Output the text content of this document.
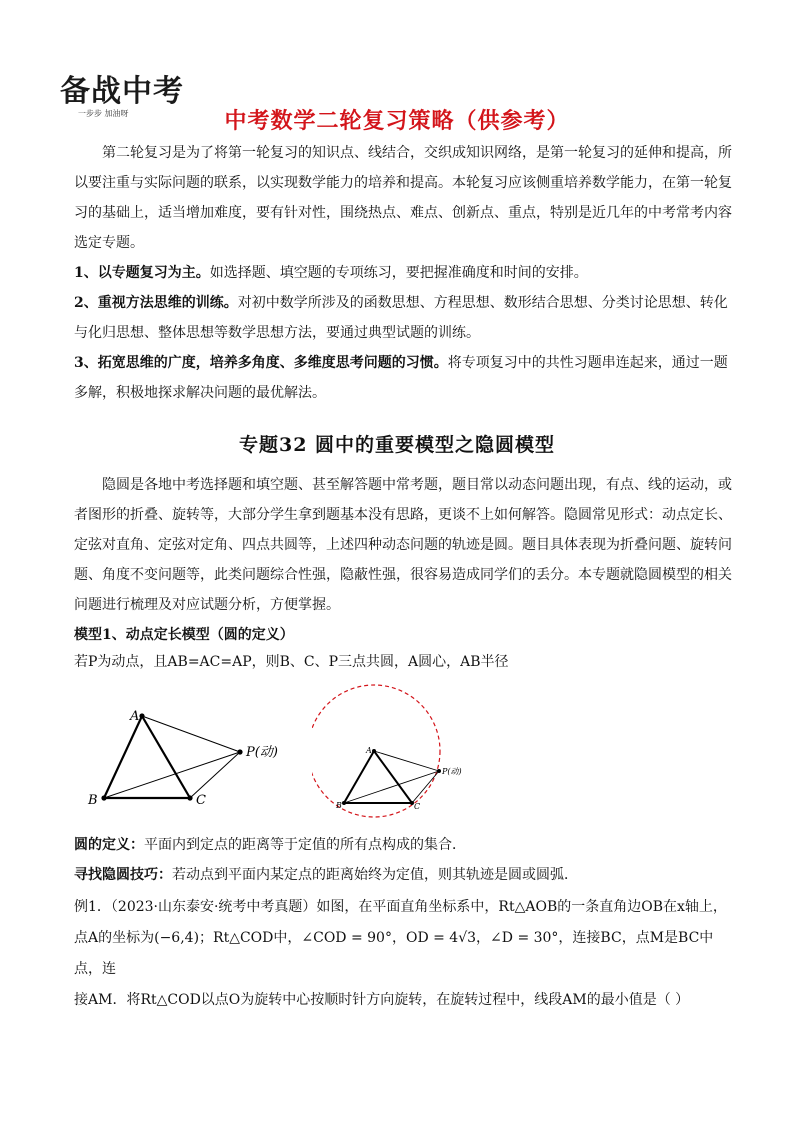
备战中考
一步步 加油呀	中考数学二轮复习策略（供参考）
第二轮复习是为了将第一轮复习的知识点、线结合，交织成知识网络，是第一轮复习的延伸和提高，所以要注重与实际问题的联系，以实现数学能力的培养和提高。本轮复习应该侧重培养数学能力，在第一轮复习的基础上，适当增加难度，要有针对性，围绕热点、难点、创新点、重点，特别是近几年的中考常考内容选定专题。
1、以专题复习为主。如选择题、填空题的专项练习，要把握准确度和时间的安排。
2、重视方法思维的训练。对初中数学所涉及的函数思想、方程思想、数形结合思想、分类讨论思想、转化与化归思想、整体思想等数学思想方法，要通过典型试题的训练。
3、拓宽思维的广度，培养多角度、多维度思考问题的习惯。将专项复习中的共性习题串连起来，通过一题多解，积极地探求解决问题的最优解法。
专题32 圆中的重要模型之隐圆模型
隐圆是各地中考选择题和填空题、甚至解答题中常考题，题目常以动态问题出现，有点、线的运动，或者图形的折叠、旋转等，大部分学生拿到题基本没有思路，更谈不上如何解答。隐圆常见形式：动点定长、定弦对直角、定弦对定角、四点共圆等，上述四种动态问题的轨迹是圆。题目具体表现为折叠问题、旋转问题、角度不变问题等，此类问题综合性强，隐蔽性强，很容易造成同学们的丢分。本专题就隐圆模型的相关问题进行梳理及对应试题分析，方便掌握。
模型1、动点定长模型（圆的定义）
若P为动点，且AB=AC=AP，则B、C、P三点共圆，A圆心，AB半径
A
B	C
P(动)	A
B	C
P(动)
圆的定义：平面内到定点的距离等于定值的所有点构成的集合．
寻找隐圆技巧：若动点到平面内某定点的距离始终为定值，则其轨迹是圆或圆弧．
例1．（2023·山东泰安·统考中考真题）如图，在平面直角坐标系中，Rt△AOB的一条直角边OB在x轴上，
点A的坐标为(−6,4)；Rt△COD中，∠COD = 90°，OD = 4√3，∠D = 30°，连接BC，点M是BC中点，连
接AM．将Rt△COD以点O为旋转中心按顺时针方向旋转，在旋转过程中，线段AM的最小值是（ ）
